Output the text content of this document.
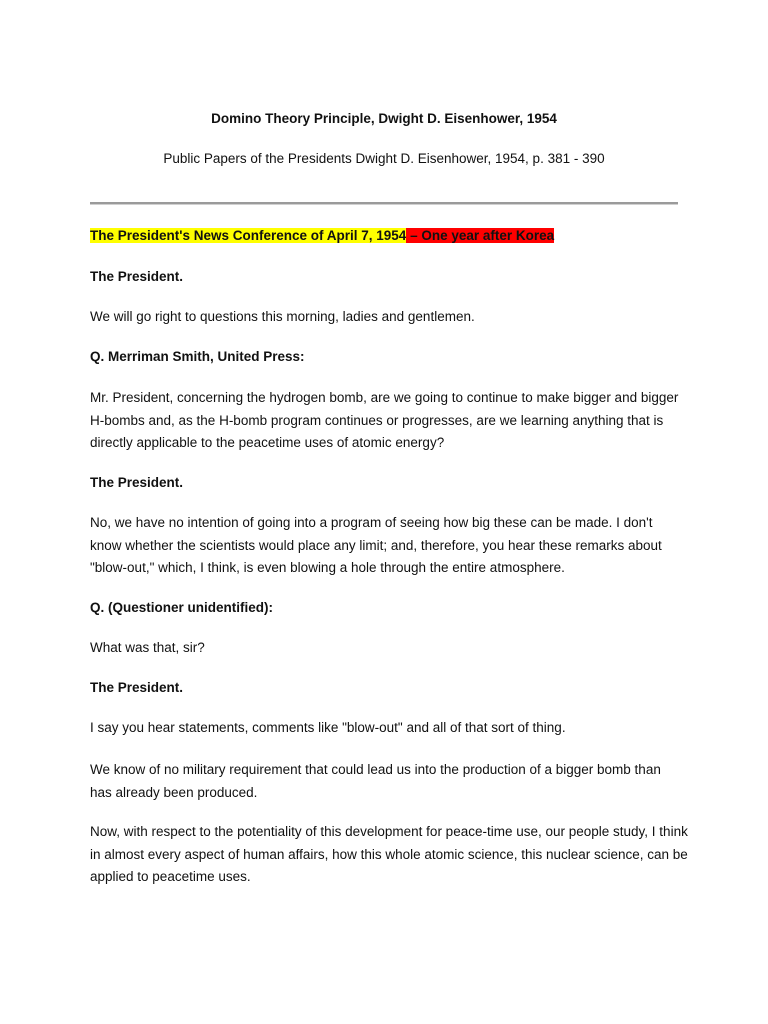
Domino Theory Principle, Dwight D. Eisenhower, 1954
Public Papers of the Presidents Dwight D. Eisenhower, 1954, p. 381 - 390
The President's News Conference of April 7, 1954 – One year after Korea

The President.

We will go right to questions this morning, ladies and gentlemen.

Q. Merriman Smith, United Press:

Mr. President, concerning the hydrogen bomb, are we going to continue to make bigger and bigger H-bombs and, as the H-bomb program continues or progresses, are we learning anything that is directly applicable to the peacetime uses of atomic energy?

The President.

No, we have no intention of going into a program of seeing how big these can be made. I don't know whether the scientists would place any limit; and, therefore, you hear these remarks about "blow-out," which, I think, is even blowing a hole through the entire atmosphere.

Q. (Questioner unidentified):

What was that, sir?

The President.

I say you hear statements, comments like "blow-out" and all of that sort of thing.

We know of no military requirement that could lead us into the production of a bigger bomb than has already been produced.

Now, with respect to the potentiality of this development for peace-time use, our people study, I think in almost every aspect of human affairs, how this whole atomic science, this nuclear science, can be applied to peacetime uses.
